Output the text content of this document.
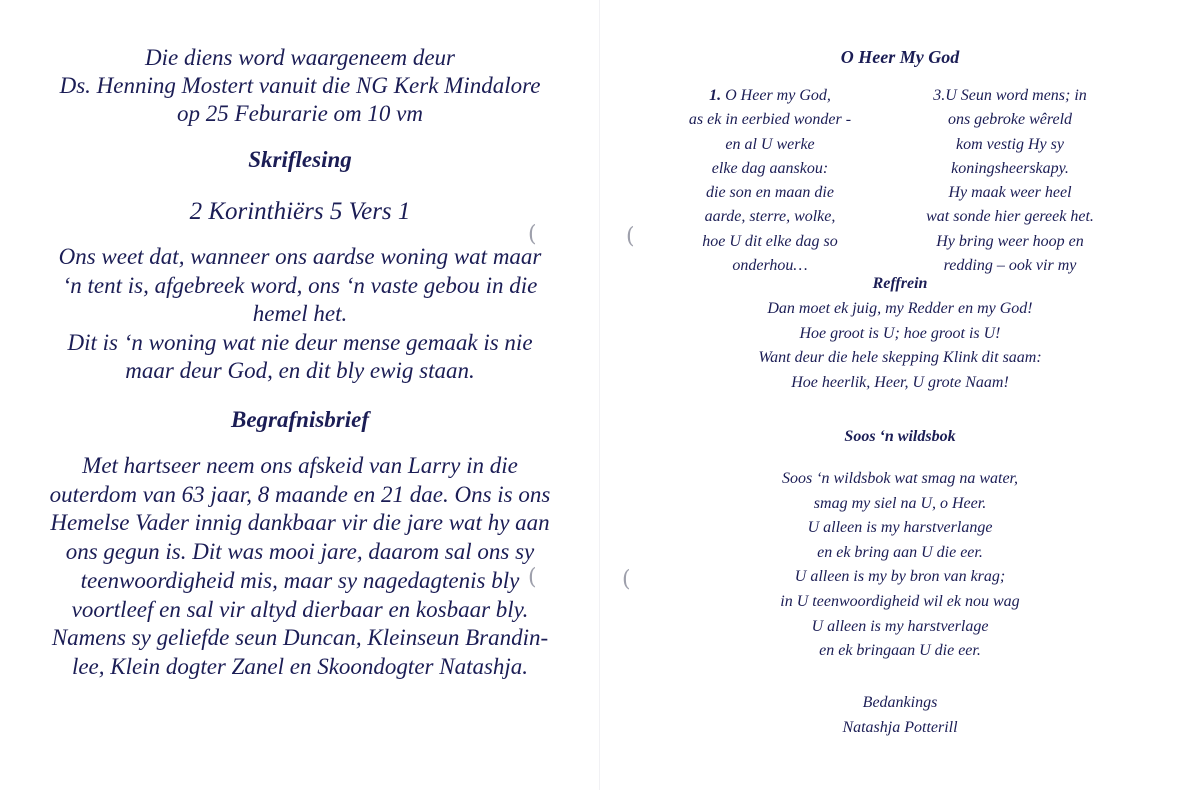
Die diens word waargeneem deur
Ds. Henning Mostert vanuit die NG Kerk Mindalore
op 25 Feburarie om 10 vm
Skriflesing
2 Korinthiërs 5 Vers 1
Ons weet dat, wanneer ons aardse woning wat maar
‘n tent is, afgebreek word, ons ‘n vaste gebou in die
hemel het.
Dit is ‘n woning wat nie deur mense gemaak is nie
maar deur God, en dit bly ewig staan.
Begrafnisbrief
Met hartseer neem ons afskeid van Larry in die
outerdom van 63 jaar, 8 maande en 21 dae. Ons is ons
Hemelse Vader innig dankbaar vir die jare wat hy aan
ons gegun is. Dit was mooi jare, daarom sal ons sy
teenwoordigheid mis, maar sy nagedagtenis bly
voortleef en sal vir altyd dierbaar en kosbaar bly.
Namens sy geliefde seun Duncan, Kleinseun Brandin-
lee, Klein dogter Zanel en Skoondogter Natashja.
(
(
O Heer My God
1. O Heer my God,
as ek in eerbied wonder -
en al U werke
elke dag aanskou:
die son en maan die
aarde, sterre, wolke,
hoe U dit elke dag so
onderhou…
3.U Seun word mens; in
ons gebroke wêreld
kom vestig Hy sy
koningsheerskapy.
Hy maak weer heel
wat sonde hier gereek het.
Hy bring weer hoop en
redding – ook vir my
Reffrein
Dan moet ek juig, my Redder en my God!
Hoe groot is U; hoe groot is U!
Want deur die hele skepping Klink dit saam:
Hoe heerlik, Heer, U grote Naam!
Soos ‘n wildsbok
Soos ‘n wildsbok wat smag na water,
smag my siel na U, o Heer.
U alleen is my harstverlange
en ek bring aan U die eer.
U alleen is my by bron van krag;
in U teenwoordigheid wil ek nou wag
U alleen is my harstverlage
en ek bringaan U die eer.
Bedankings
Natashja Potterill
(
(
